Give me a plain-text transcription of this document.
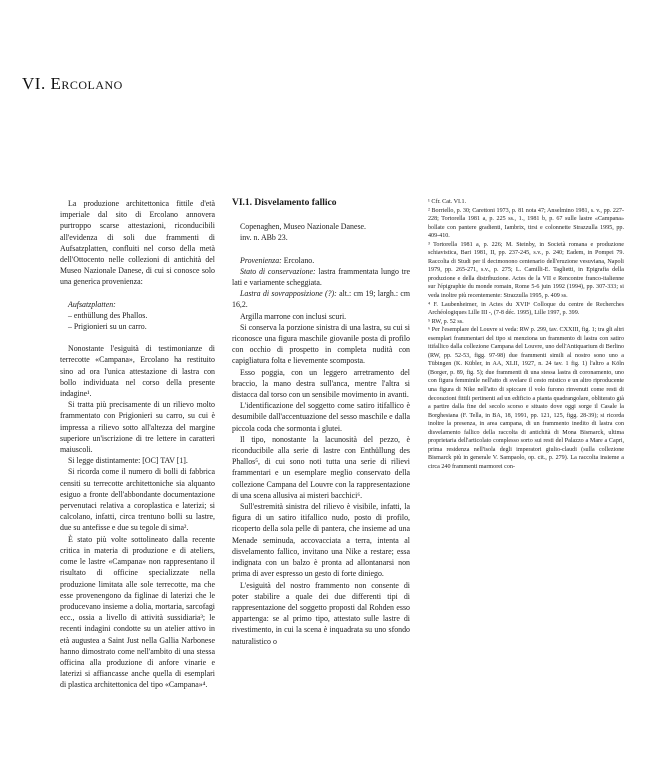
VI. Ercolano

La produzione architettonica fittile d'età imperiale dal sito di Ercolano annovera purtroppo scarse attestazioni, riconducibili all'evidenza di soli due frammenti di Aufsatzplatten, confluiti nel corso della metà dell'Ottocento nelle collezioni di antichità del Museo Nazionale Danese, di cui si conosce solo una generica provenienza:

Aufsatzplatten:

– enthüllung des Phallos.

– Prigionieri su un carro.

Nonostante l'esiguità di testimonianze di terrecotte «Campana», Ercolano ha restituito sino ad ora l'unica attestazione di lastra con bollo individuata nel corso della presente indagine¹.

Si tratta più precisamente di un rilievo molto frammentato con Prigionieri su carro, su cui è impressa a rilievo sotto all'altezza del margine superiore un'iscrizione di tre lettere in caratteri maiuscoli.

Si legge distintamente: [OC] TAV [1].

Si ricorda come il numero di bolli di fabbrica censiti su terrecotte architettoniche sia alquanto esiguo a fronte dell'abbondante documentazione pervenutaci relativa a coroplastica e laterizi; si calcolano, infatti, circa trentuno bolli su lastre, due su antefisse e due su tegole di sima².

È stato più volte sottolineato dalla recente critica in materia di produzione e di ateliers, come le lastre «Campana» non rappresentano il risultato di officine specializzate nella produzione limitata alle sole terrecotte, ma che esse provenengono da figlinae di laterizi che le producevano insieme a dolia, mortaria, sarcofagi ecc., ossia a livello di attività sussidiaria³; le recenti indagini condotte su un atelier attivo in età augustea a Saint Just nella Gallia Narbonese hanno dimostrato come nell'ambito di una stessa officina alla produzione di anfore vinarie e laterizi si affiancasse anche quella di esemplari di plastica architettonica del tipo «Campana»⁴.

VI.1. Disvelamento fallico

Copenaghen, Museo Nazionale Danese.

inv. n. ABb 23.

Provenienza: Ercolano.

Stato di conservazione: lastra frammentata lungo tre lati e variamente scheggiata.

Lastra di sovrapposizione (?): alt.: cm 19; largh.: cm 16,2.

Argilla marrone con inclusi scuri.

Si conserva la porzione sinistra di una lastra, su cui si riconosce una figura maschile giovanile posta di profilo con occhio di prospetto in completa nudità con capigliatura folta e lievemente scomposta.

Esso poggia, con un leggero arretramento del braccio, la mano destra sull'anca, mentre l'altra si distacca dal torso con un sensibile movimento in avanti.

L'identificazione del soggetto come satiro itifallico è desumibile dall'accentuazione del sesso maschile e dalla piccola coda che sormonta i glutei.

Il tipo, nonostante la lacunosità del pezzo, è riconducibile alla serie di lastre con Enthüllung des Phallos⁵, di cui sono noti tutta una serie di rilievi frammentari e un esemplare meglio conservato della collezione Campana del Louvre con la rappresentazione di una scena allusiva ai misteri bacchici⁶.

Sull'estremità sinistra del rilievo è visibile, infatti, la figura di un satiro itifallico nudo, posto di profilo, ricoperto della sola pelle di pantera, che insieme ad una Menade seminuda, accovacciata a terra, intenta al disvelamento fallico, invitano una Nike a restare; essa indignata con un balzo è pronta ad allontanarsi non prima di aver espresso un gesto di forte diniego.

L'esiguità del nostro frammento non consente di poter stabilire a quale dei due differenti tipi di rappresentazione del soggetto proposti dal Rohden esso appartenga: se al primo tipo, attestato sulle lastre di rivestimento, in cui la scena è inquadrata su uno sfondo naturalistico o

¹ Cfr. Cat. VI.1.

² Borriello, p. 30; Carettoni 1973, p. 81 nota 47; Anselmino 1981, s. v., pp. 227-228; Tortorella 1981 a, p. 225 ss., 1., 1981 b, p. 67 sulle lastre «Campana» bollate con pantere gradienti, Iambrix, tirsi e colonnette Strazzulla 1995, pp. 409-410.

³ Tortorella 1981 a, p. 226; M. Steinby, in Società romana e produzione schiavistica, Bari 1981, II, pp. 237-245, s.v., p. 240; Eadem, in Pompei 79. Raccolta di Studi per il decimonono centenario dell'eruzione vesuviana, Napoli 1979, pp. 265-271, s.v., p. 275; L. Camilli-E. Taglietti, in Epigrafia della produzione e della distribuzione. Actes de la VII e Rencontre franco-italienne sur l'épigraphie du monde romain, Rome 5-6 juin 1992 (1994), pp. 307-333; si veda inoltre più recentemente: Strazzulla 1995, p. 409 ss.

⁴ F. Laubenheimer, in Actes du XVIIᵉ Colloque du centre de Recherches Archéologiques Lille III -, (7-8 déc. 1995), Lille 1997, p. 399.

⁵ RW, p. 52 ss.

⁶ Per l'esemplare del Louvre si veda: RW p. 299, tav. CXXIII, fig. 1; tra gli altri esemplari frammentari del tipo si menziona un frammento di lastra con satiro itifallico dalla collezione Campana del Louvre, uno dell'Antiquarium di Berlino (RW, pp. 52-53, figg. 97-98) due frammenti simili al nostro sono uno a Tübingen (K. Kübler, in AA, XLII, 1927, n. 24 tav. 1 fig. 1) l'altro a Köln (Borger, p. 89, fig. 5); due frammenti di una stessa lastra di coronamento, uno con figura femminile nell'atto di svelare il cesto mistico e un altro riproducente una figura di Nike nell'atto di spiccare il volo furono rinvenuti come resti di decorazioni fittili pertinenti ad un edificio a pianta quadrangolare, obliterato già a partire dalla fine del secolo scorso e situato dove oggi sorge il Casale la Borghesiana (F. Tella, in BA, 18, 1991, pp. 121, 125, figg. 28-39); si ricorda inoltre la presenza, in area campana, di un frammento inedito di lastra con disvelamento fallico della raccolta di antichità di Mona Bismarck, ultima proprietaria dell'articolato complesso sorto sui resti del Palazzo a Mare a Capri, prima residenza nell'isola degli imperatori giulio-claudi (sulla collezione Bismarck più in generale V. Sampaolo, op. cit., p. 279). La raccolta insieme a circa 240 frammenti marmorei con-
